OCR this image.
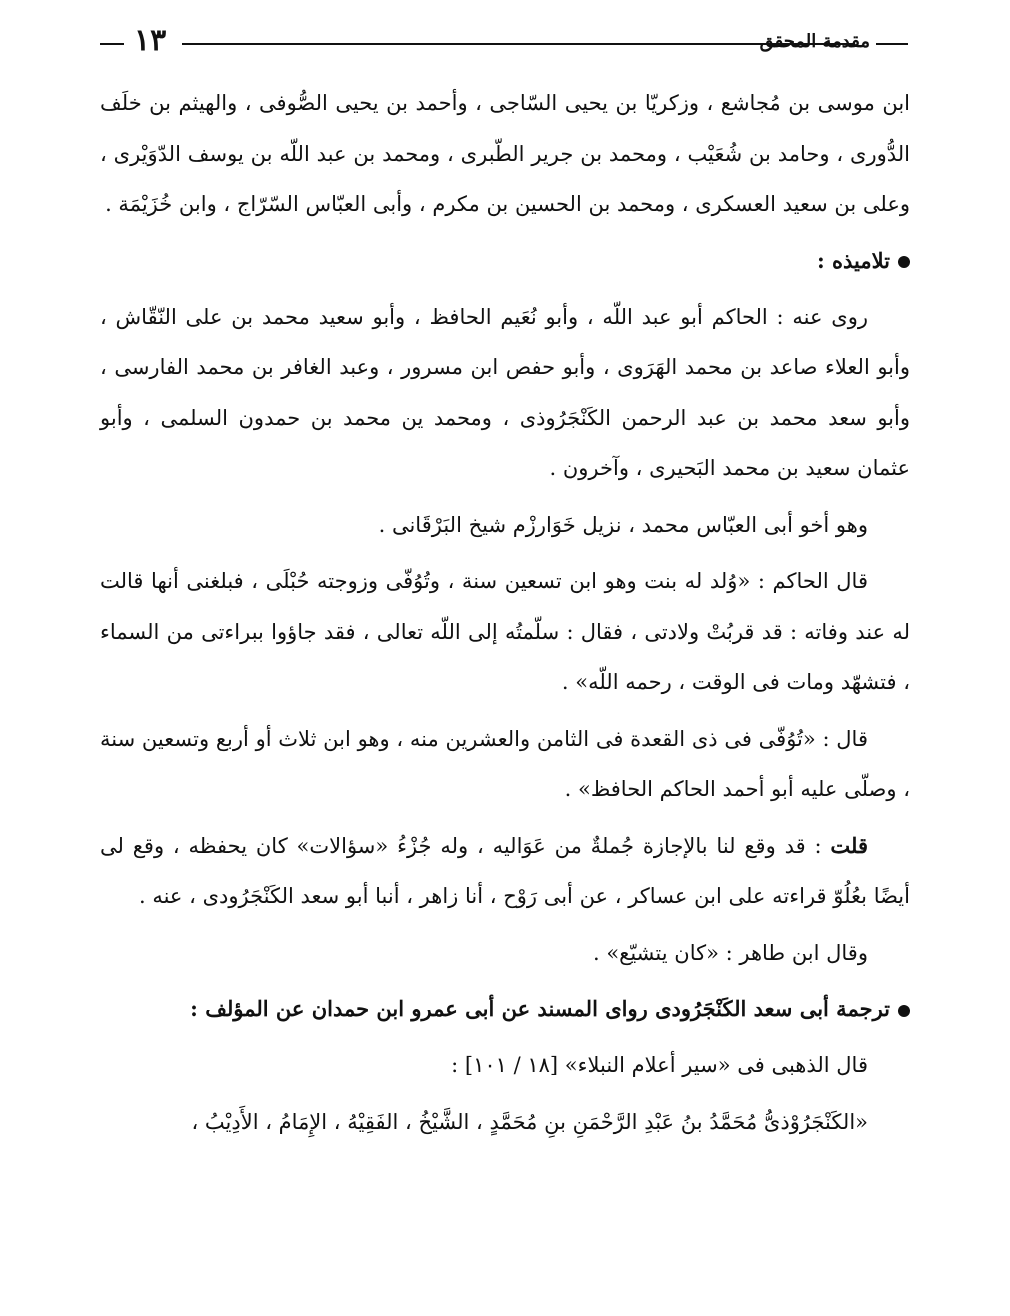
١٣	مقدمة المحقق

ابن موسى بن مُجاشع ، وزكريّا بن يحيى السّاجى ، وأحمد بن يحيى الصُّوفى ، والهيثم بن خلَف الدُّورى ، وحامد بن شُعَيْب ، ومحمد بن جرير الطّبرى ، ومحمد بن عبد اللّه بن يوسف الدّوَيْرى ، وعلى بن سعيد العسكرى ، ومحمد بن الحسين بن مكرم ، وأبى العبّاس السّرّاج ، وابن خُزَيْمَة .

تلاميذه :

روى عنه : الحاكم أبو عبد اللّه ، وأبو نُعَيم الحافظ ، وأبو سعيد محمد بن على النّقّاش ، وأبو العلاء صاعد بن محمد الهَرَوى ، وأبو حفص ابن مسرور ، وعبد الغافر بن محمد الفارسى ، وأبو سعد محمد بن عبد الرحمن الكَنْجَرُوذى ، ومحمد ين محمد بن حمدون السلمى ، وأبو عثمان سعيد بن محمد البَحيرى ، وآخرون .

وهو أخو أبى العبّاس محمد ، نزيل خَوَارزْم شيخ البَرْقَانى .

قال الحاكم : «وُلد له بنت وهو ابن تسعين سنة ، وتُوُفّى وزوجته حُبْلَى ، فبلغنى أنها قالت له عند وفاته : قد قربُتْ ولادتى ، فقال : سلّمتُه إلى اللّه تعالى ، فقد جاؤوا ببراءتى من السماء ، فتشهّد ومات فى الوقت ، رحمه اللّه» .

قال : «تُوُفّى فى ذى القعدة فى الثامن والعشرين منه ، وهو ابن ثلاث أو أربع وتسعين سنة ، وصلّى عليه أبو أحمد الحاكم الحافظ» .

قلت : قد وقع لنا بالإجازة جُملةٌ من عَوَاليه ، وله جُزْءُ «سؤالات» كان يحفظه ، وقع لى أيضًا بعُلُوّ قراءته على ابن عساكر ، عن أبى رَوْح ، أنا زاهر ، أنبا أبو سعد الكَنْجَرُودى ، عنه .

وقال ابن طاهر : «كان يتشيّع» .

ترجمة أبى سعد الكَنْجَرُودى رواى المسند عن أبى عمرو ابن حمدان عن المؤلف :

قال الذهبى فى «سير أعلام النبلاء» [١٨ / ١٠١] :

«الكَنْجَرُوْذىُّ مُحَمَّدُ بنُ عَبْدِ الرَّحْمَنِ بنِ مُحَمَّدٍ ، الشَّيْخُ ، الفَقِيْهُ ، الإِمَامُ ، الأَدِيْبُ ،
